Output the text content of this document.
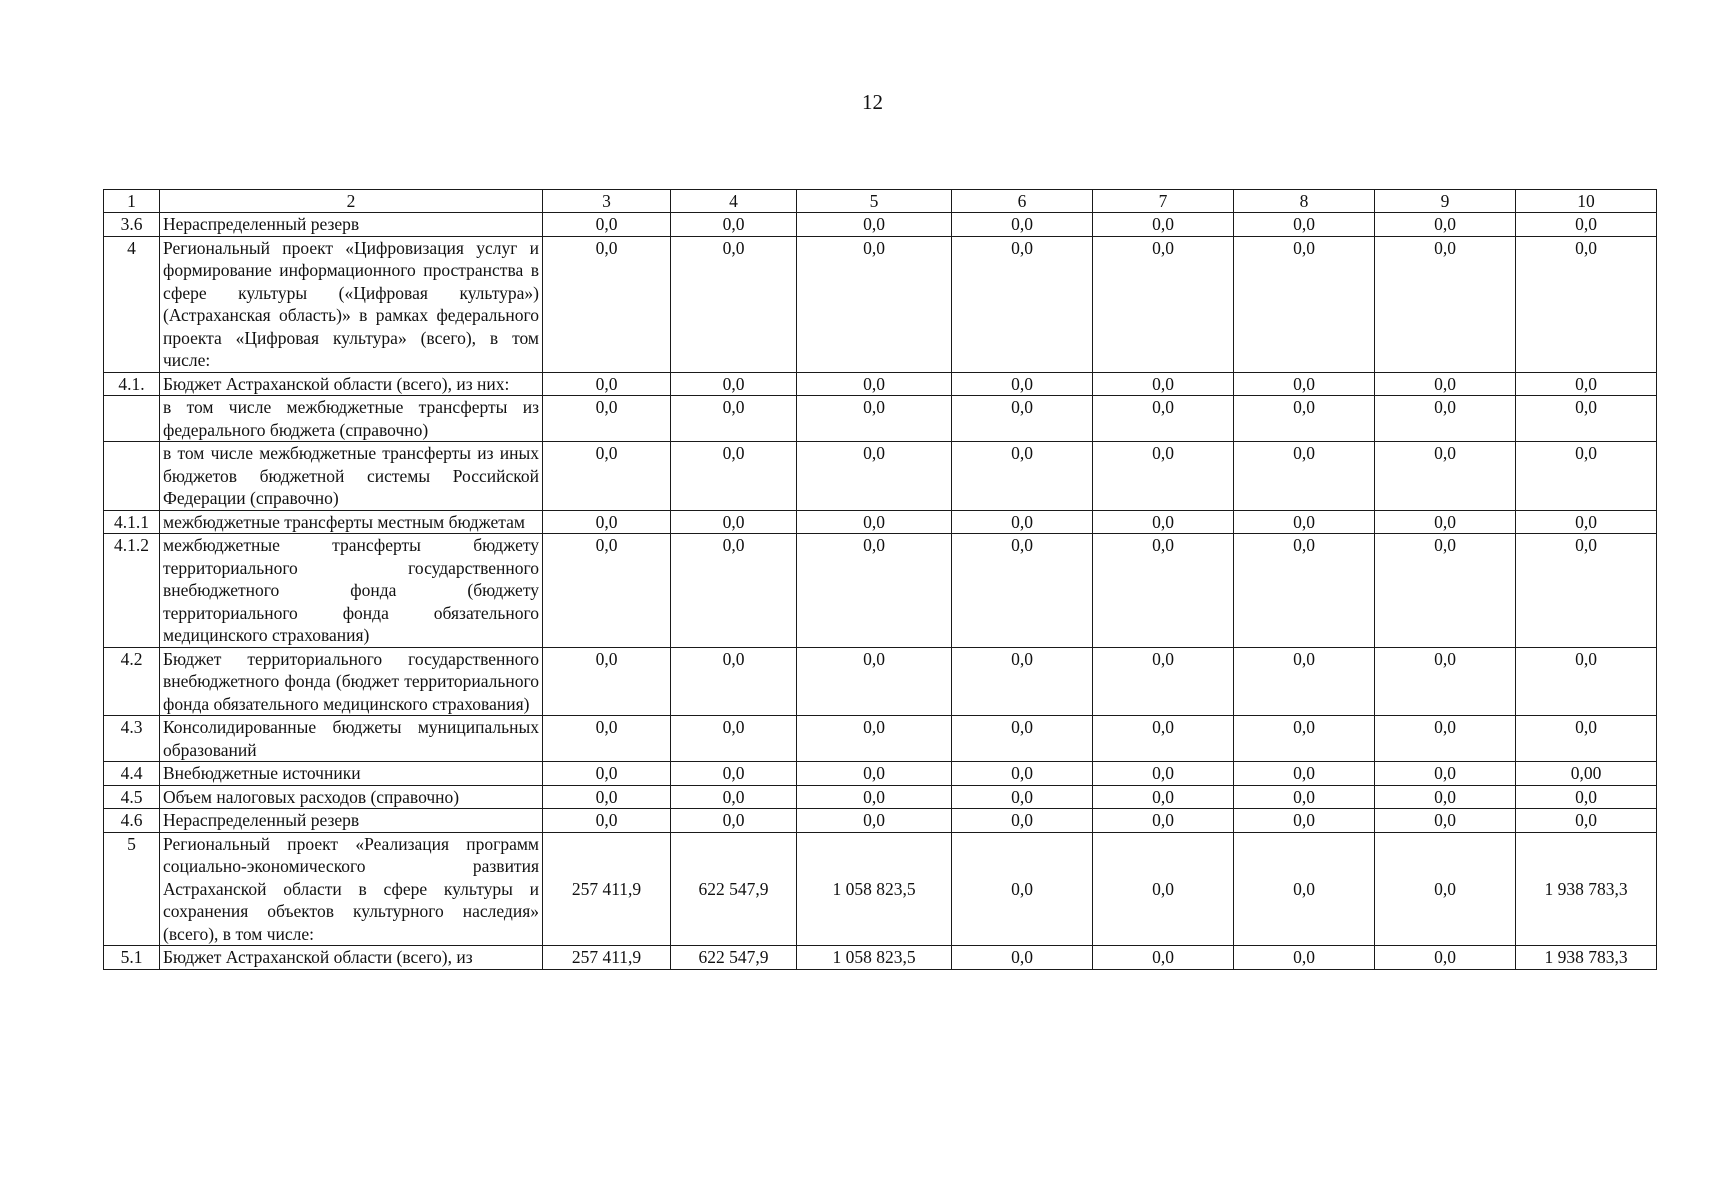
12
1	2	3	4	5	6	7	8	9	10
3.6	Нераспределенный резерв	0,0	0,0	0,0	0,0	0,0	0,0	0,0	0,0
4	Региональный проект «Цифровизация услуг и формирование информационного пространства в сфере культуры («Цифровая культура») (Астраханская область)» в рамках федерального проекта «Цифровая культура» (всего), в том числе:	0,0	0,0	0,0	0,0	0,0	0,0	0,0	0,0
4.1.	Бюджет Астраханской области (всего), из них:	0,0	0,0	0,0	0,0	0,0	0,0	0,0	0,0
	в том числе межбюджетные трансферты из федерального бюджета (справочно)	0,0	0,0	0,0	0,0	0,0	0,0	0,0	0,0
	в том числе межбюджетные трансферты из иных бюджетов бюджетной системы Российской Федерации (справочно)	0,0	0,0	0,0	0,0	0,0	0,0	0,0	0,0
4.1.1	межбюджетные трансферты местным бюджетам	0,0	0,0	0,0	0,0	0,0	0,0	0,0	0,0
4.1.2	межбюджетные трансферты бюджету территориального государственного внебюджетного фонда (бюджету территориального фонда обязательного медицинского страхования)	0,0	0,0	0,0	0,0	0,0	0,0	0,0	0,0
4.2	Бюджет территориального государственного внебюджетного фонда (бюджет территориального фонда обязательного медицинского страхования)	0,0	0,0	0,0	0,0	0,0	0,0	0,0	0,0
4.3	Консолидированные бюджеты муниципальных образований	0,0	0,0	0,0	0,0	0,0	0,0	0,0	0,0
4.4	Внебюджетные источники	0,0	0,0	0,0	0,0	0,0	0,0	0,0	0,00
4.5	Объем налоговых расходов (справочно)	0,0	0,0	0,0	0,0	0,0	0,0	0,0	0,0
4.6	Нераспределенный резерв	0,0	0,0	0,0	0,0	0,0	0,0	0,0	0,0
5	Региональный проект «Реализация программ социально-экономического развития Астраханской области в сфере культуры и сохранения объектов культурного наследия» (всего), в том числе:	257 411,9	622 547,9	1 058 823,5	0,0	0,0	0,0	0,0	1 938 783,3
5.1	Бюджет Астраханской области (всего), из	257 411,9	622 547,9	1 058 823,5	0,0	0,0	0,0	0,0	1 938 783,3
